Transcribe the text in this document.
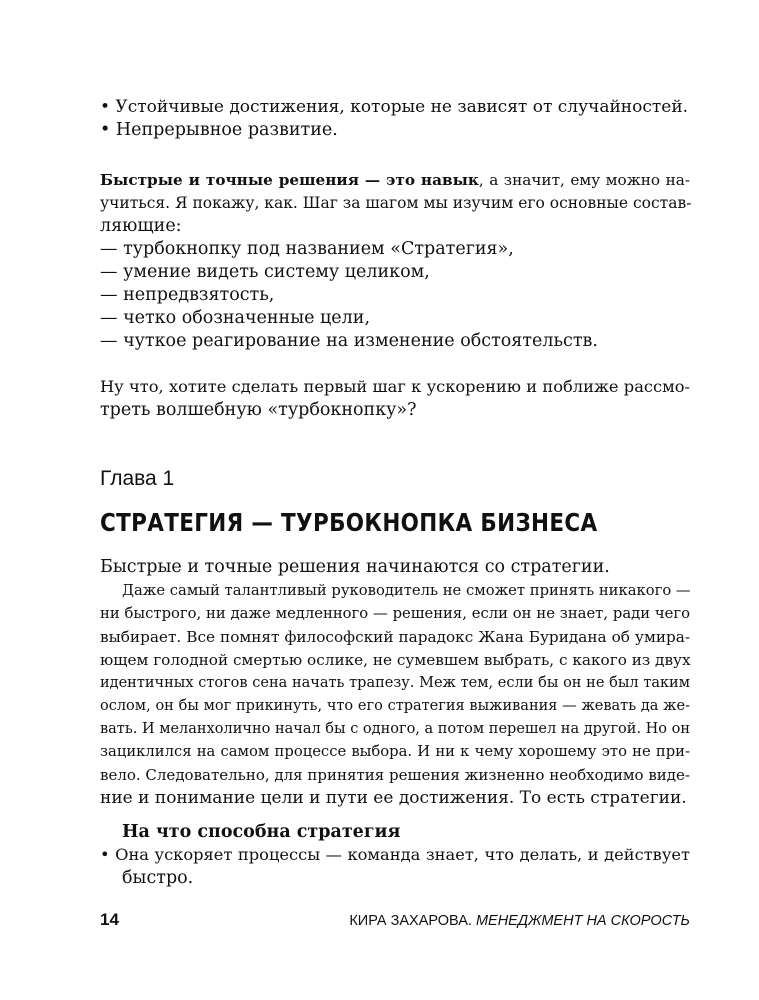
• Устойчивые достижения, которые не зависят от случайностей.
• Непрерывное развитие.
Быстрые и точные решения — это навык, а значит, ему можно на-
учиться. Я покажу, как. Шаг за шагом мы изучим его основные состав-
ляющие:
— турбокнопку под названием «Стратегия»,
— умение видеть систему целиком,
— непредвзятость,
— четко обозначенные цели,
— чуткое реагирование на изменение обстоятельств.
Ну что, хотите сделать первый шаг к ускорению и поближе рассмо-
треть волшебную «турбокнопку»?
Глава 1
СТРАТЕГИЯ — ТУРБОКНОПКА БИЗНЕСА
Быстрые и точные решения начинаются со стратегии.
Даже самый талантливый руководитель не сможет принять никакого —
ни быстрого, ни даже медленного — решения, если он не знает, ради чего
выбирает. Все помнят философский парадокс Жана Буридана об умира-
ющем голодной смертью ослике, не сумевшем выбрать, с какого из двух
идентичных стогов сена начать трапезу. Меж тем, если бы он не был таким
ослом, он бы мог прикинуть, что его стратегия выживания — жевать да же-
вать. И меланхолично начал бы с одного, а потом перешел на другой. Но он
зациклился на самом процессе выбора. И ни к чему хорошему это не при-
вело. Следовательно, для принятия решения жизненно необходимо виде-
ние и понимание цели и пути ее достижения. То есть стратегии.
На что способна стратегия
• Она ускоряет процессы — команда знает, что делать, и действует
быстро.
14	КИРА ЗАХАРОВА. МЕНЕДЖМЕНТ НА СКОРОСТЬ
